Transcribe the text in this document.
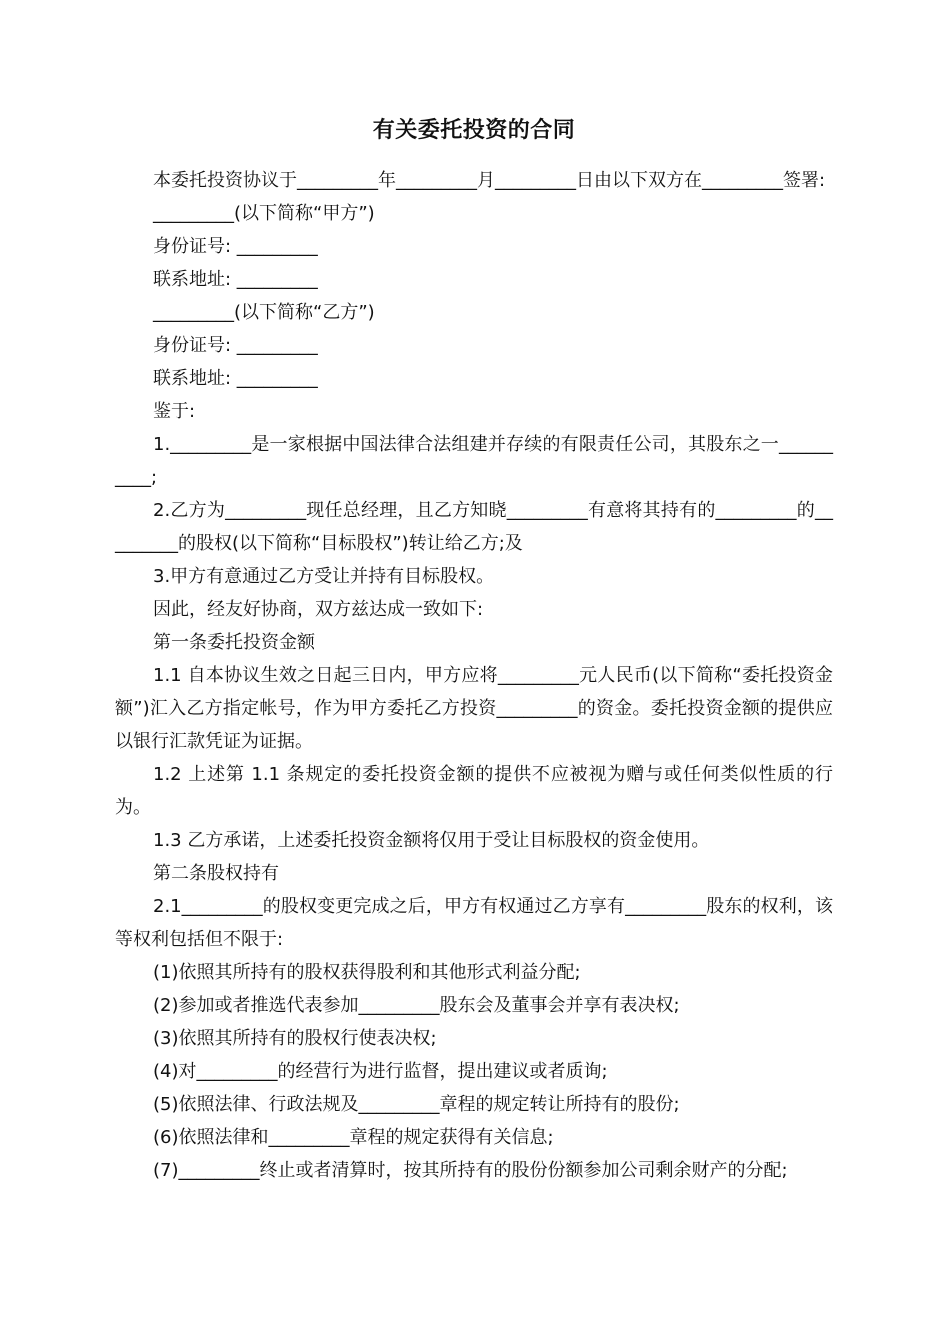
有关委托投资的合同

本委托投资协议于_________年_________月_________日由以下双方在_________签署:

_________(以下简称“甲方”)

身份证号: _________

联系地址: _________

_________(以下简称“乙方”)

身份证号: _________

联系地址: _________

鉴于:

1._________是一家根据中国法律合法组建并存续的有限责任公司，其股东之一__________;

2.乙方为_________现任总经理，且乙方知晓_________有意将其持有的_________的_________的股权(以下简称“目标股权”)转让给乙方;及

3.甲方有意通过乙方受让并持有目标股权。

因此，经友好协商，双方兹达成一致如下:

第一条委托投资金额

1.1 自本协议生效之日起三日内，甲方应将_________元人民币(以下简称“委托投资金额”)汇入乙方指定帐号，作为甲方委托乙方投资_________的资金。委托投资金额的提供应以银行汇款凭证为证据。

1.2 上述第 1.1 条规定的委托投资金额的提供不应被视为赠与或任何类似性质的行为。

1.3 乙方承诺，上述委托投资金额将仅用于受让目标股权的资金使用。

第二条股权持有

2.1_________的股权变更完成之后，甲方有权通过乙方享有_________股东的权利，该等权利包括但不限于:

(1)依照其所持有的股权获得股利和其他形式利益分配;

(2)参加或者推选代表参加_________股东会及董事会并享有表决权;

(3)依照其所持有的股权行使表决权;

(4)对_________的经营行为进行监督，提出建议或者质询;

(5)依照法律、行政法规及_________章程的规定转让所持有的股份;

(6)依照法律和_________章程的规定获得有关信息;

(7)_________终止或者清算时，按其所持有的股份份额参加公司剩余财产的分配;
